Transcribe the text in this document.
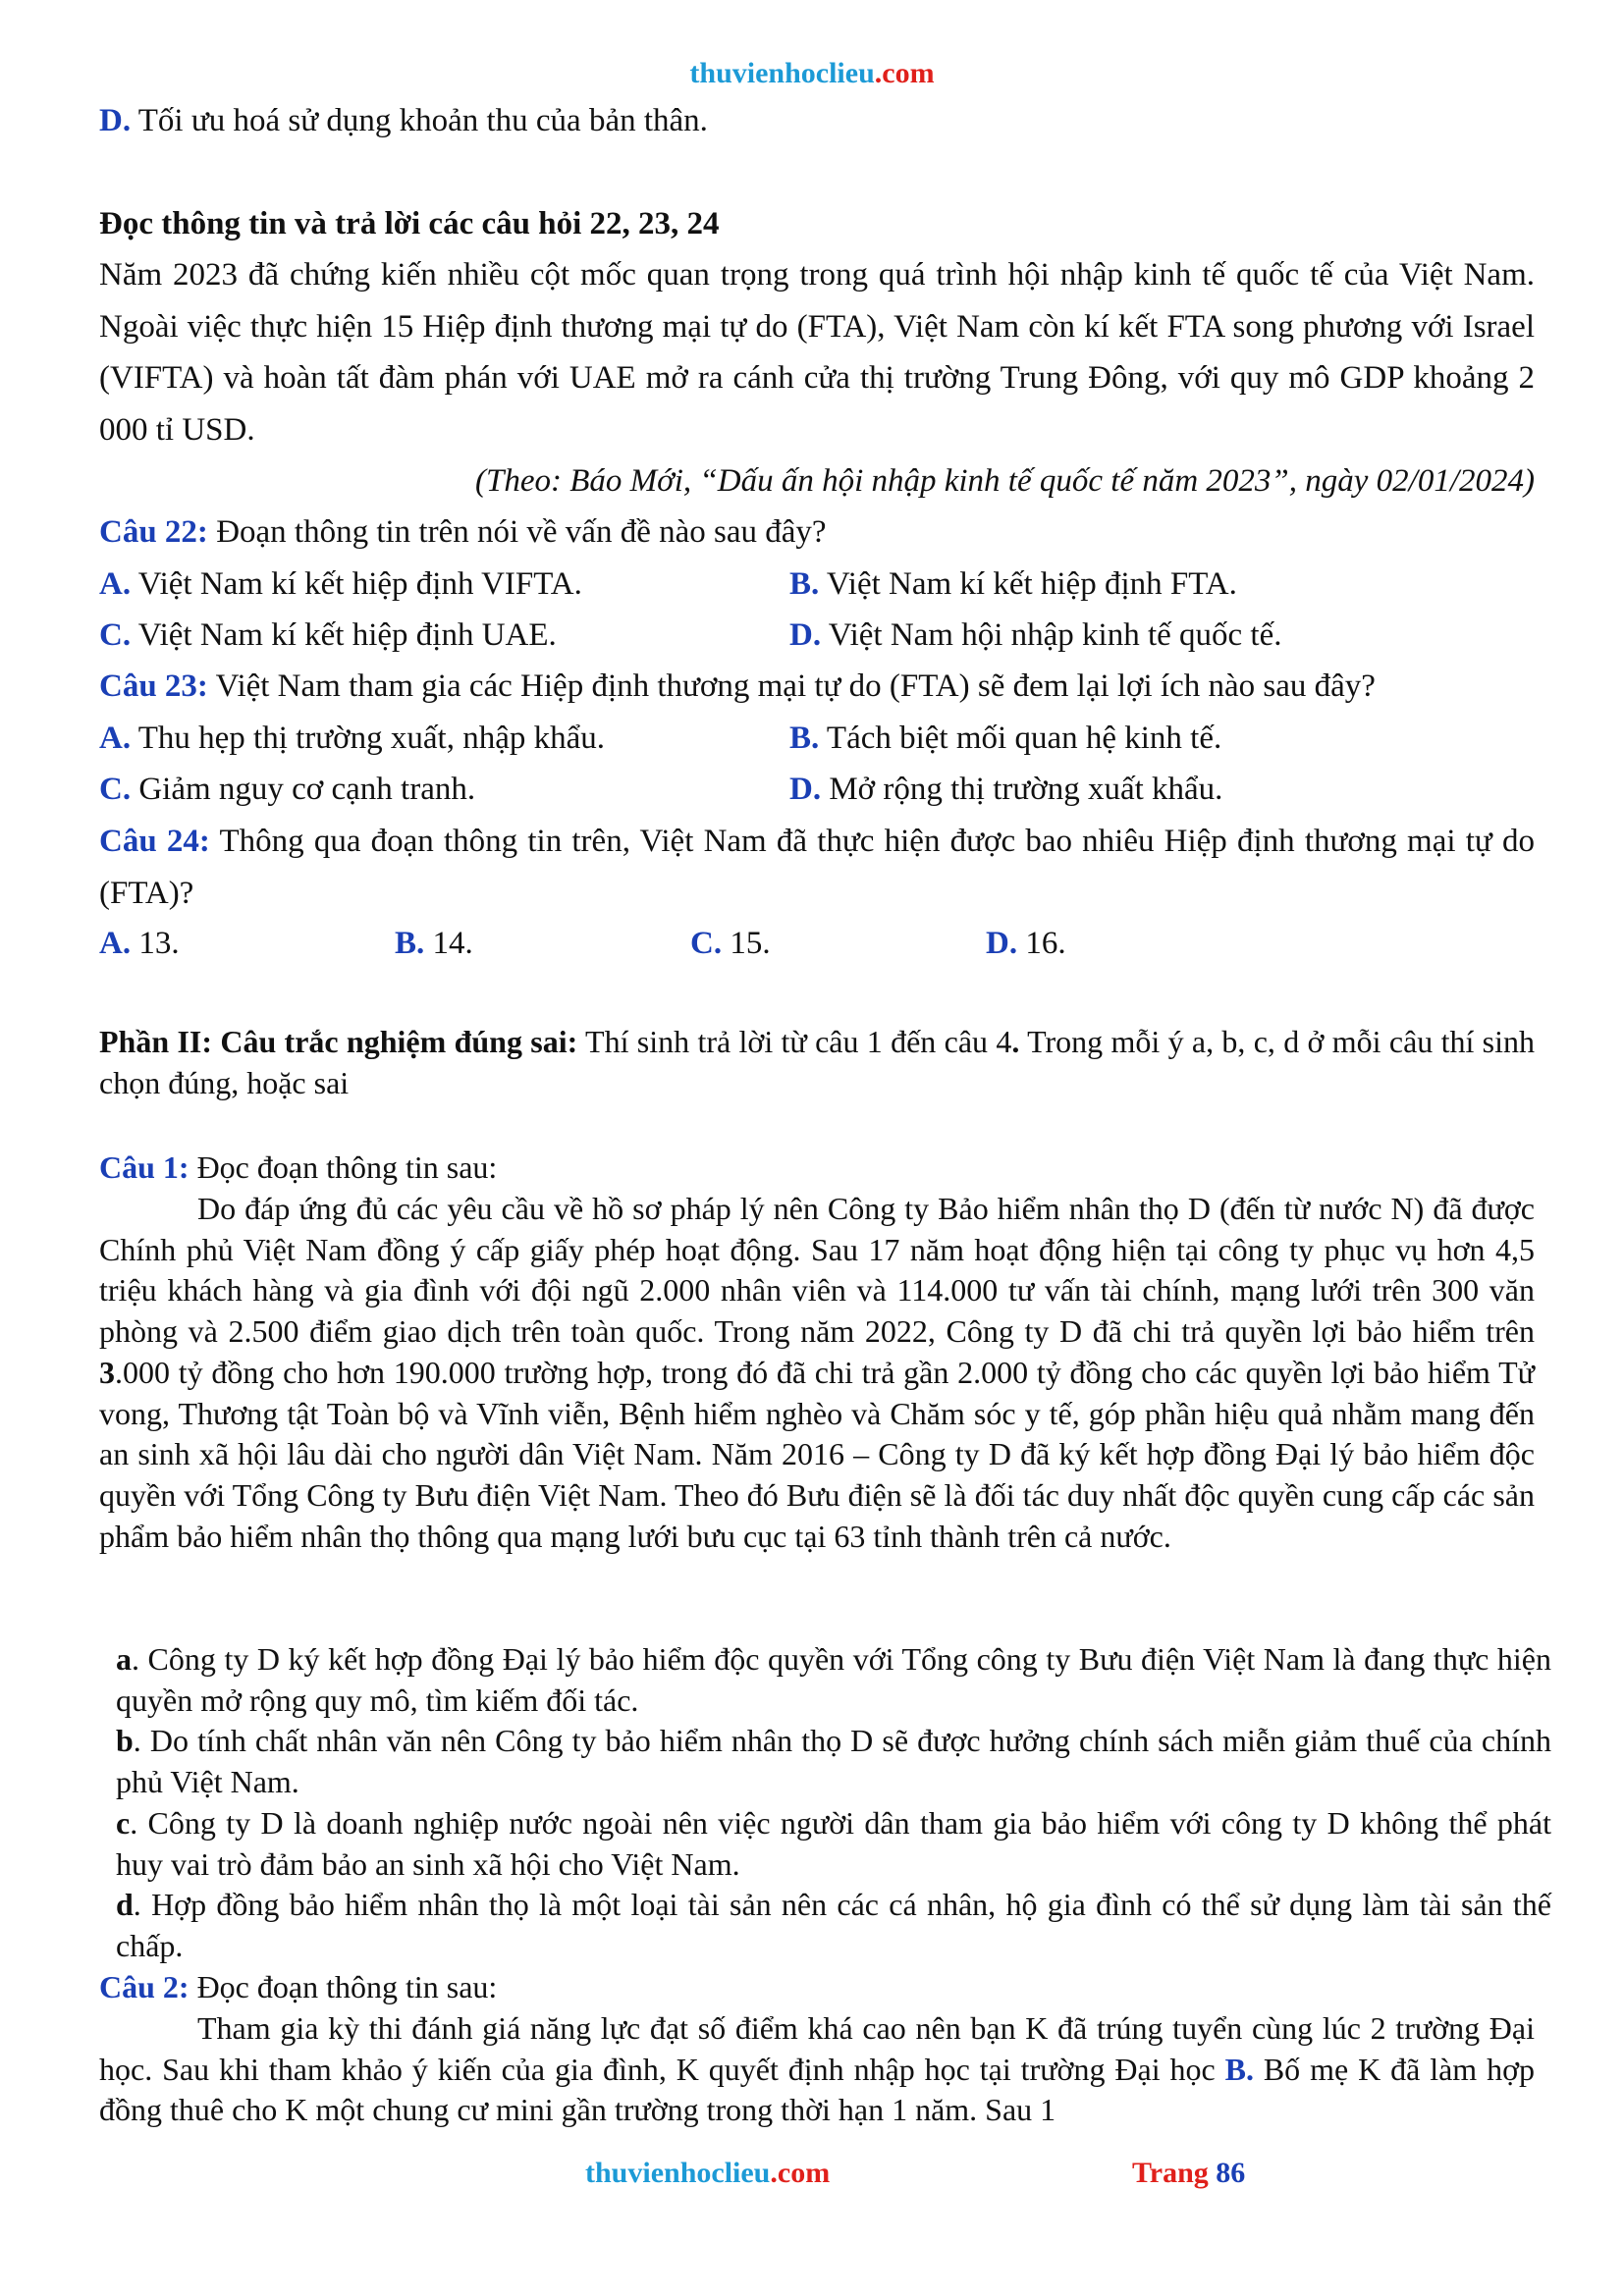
thuvienhoclieu.com
D. Tối ưu hoá sử dụng khoản thu của bản thân.
Đọc thông tin và trả lời các câu hỏi 22, 23, 24
Năm 2023 đã chứng kiến nhiều cột mốc quan trọng trong quá trình hội nhập kinh tế quốc tế của Việt Nam. Ngoài việc thực hiện 15 Hiệp định thương mại tự do (FTA), Việt Nam còn kí kết FTA song phương với Israel (VIFTA) và hoàn tất đàm phán với UAE mở ra cánh cửa thị trường Trung Đông, với quy mô GDP khoảng 2 000 tỉ USD.
(Theo: Báo Mới, “Dấu ấn hội nhập kinh tế quốc tế năm 2023”, ngày 02/01/2024)
Câu 22: Đoạn thông tin trên nói về vấn đề nào sau đây?
A. Việt Nam kí kết hiệp định VIFTA.	B. Việt Nam kí kết hiệp định FTA.
C. Việt Nam kí kết hiệp định UAE.	D. Việt Nam hội nhập kinh tế quốc tế.
Câu 23: Việt Nam tham gia các Hiệp định thương mại tự do (FTA) sẽ đem lại lợi ích nào sau đây?
A. Thu hẹp thị trường xuất, nhập khẩu.	B. Tách biệt mối quan hệ kinh tế.
C. Giảm nguy cơ cạnh tranh.	D. Mở rộng thị trường xuất khẩu.
Câu 24: Thông qua đoạn thông tin trên, Việt Nam đã thực hiện được bao nhiêu Hiệp định thương mại tự do (FTA)?
A. 13.	B. 14.	C. 15.	D. 16.
Phần II: Câu trắc nghiệm đúng sai: Thí sinh trả lời từ câu 1 đến câu 4. Trong mỗi ý a, b, c, d ở mỗi câu thí sinh chọn đúng, hoặc sai
Câu 1: Đọc đoạn thông tin sau:
Do đáp ứng đủ các yêu cầu về hồ sơ pháp lý nên Công ty Bảo hiểm nhân thọ D (đến từ nước N) đã được Chính phủ Việt Nam đồng ý cấp giấy phép hoạt động. Sau 17 năm hoạt động hiện tại công ty phục vụ hơn 4,5 triệu khách hàng và gia đình với đội ngũ 2.000 nhân viên và 114.000 tư vấn tài chính, mạng lưới trên 300 văn phòng và 2.500 điểm giao dịch trên toàn quốc. Trong năm 2022, Công ty D đã chi trả quyền lợi bảo hiểm trên 3.000 tỷ đồng cho hơn 190.000 trường hợp, trong đó đã chi trả gần 2.000 tỷ đồng cho các quyền lợi bảo hiểm Tử vong, Thương tật Toàn bộ và Vĩnh viễn, Bệnh hiểm nghèo và Chăm sóc y tế, góp phần hiệu quả nhằm mang đến an sinh xã hội lâu dài cho người dân Việt Nam. Năm 2016 – Công ty D đã ký kết hợp đồng Đại lý bảo hiểm độc quyền với Tổng Công ty Bưu điện Việt Nam. Theo đó Bưu điện sẽ là đối tác duy nhất độc quyền cung cấp các sản phẩm bảo hiểm nhân thọ thông qua mạng lưới bưu cục tại 63 tỉnh thành trên cả nước.
a. Công ty D ký kết hợp đồng Đại lý bảo hiểm độc quyền với Tổng công ty Bưu điện Việt Nam là đang thực hiện quyền mở rộng quy mô, tìm kiếm đối tác.
b. Do tính chất nhân văn nên Công ty bảo hiểm nhân thọ D sẽ được hưởng chính sách miễn giảm thuế của chính phủ Việt Nam.
c. Công ty D là doanh nghiệp nước ngoài nên việc người dân tham gia bảo hiểm với công ty D không thể phát huy vai trò đảm bảo an sinh xã hội cho Việt Nam.
d. Hợp đồng bảo hiểm nhân thọ là một loại tài sản nên các cá nhân, hộ gia đình có thể sử dụng làm tài sản thế chấp.
Câu 2: Đọc đoạn thông tin sau:
Tham gia kỳ thi đánh giá năng lực đạt số điểm khá cao nên bạn K đã trúng tuyển cùng lúc 2 trường Đại học. Sau khi tham khảo ý kiến của gia đình, K quyết định nhập học tại trường Đại học B. Bố mẹ K đã làm hợp đồng thuê cho K một chung cư mini gần trường trong thời hạn 1 năm. Sau 1
thuvienhoclieu.com	Trang 86
